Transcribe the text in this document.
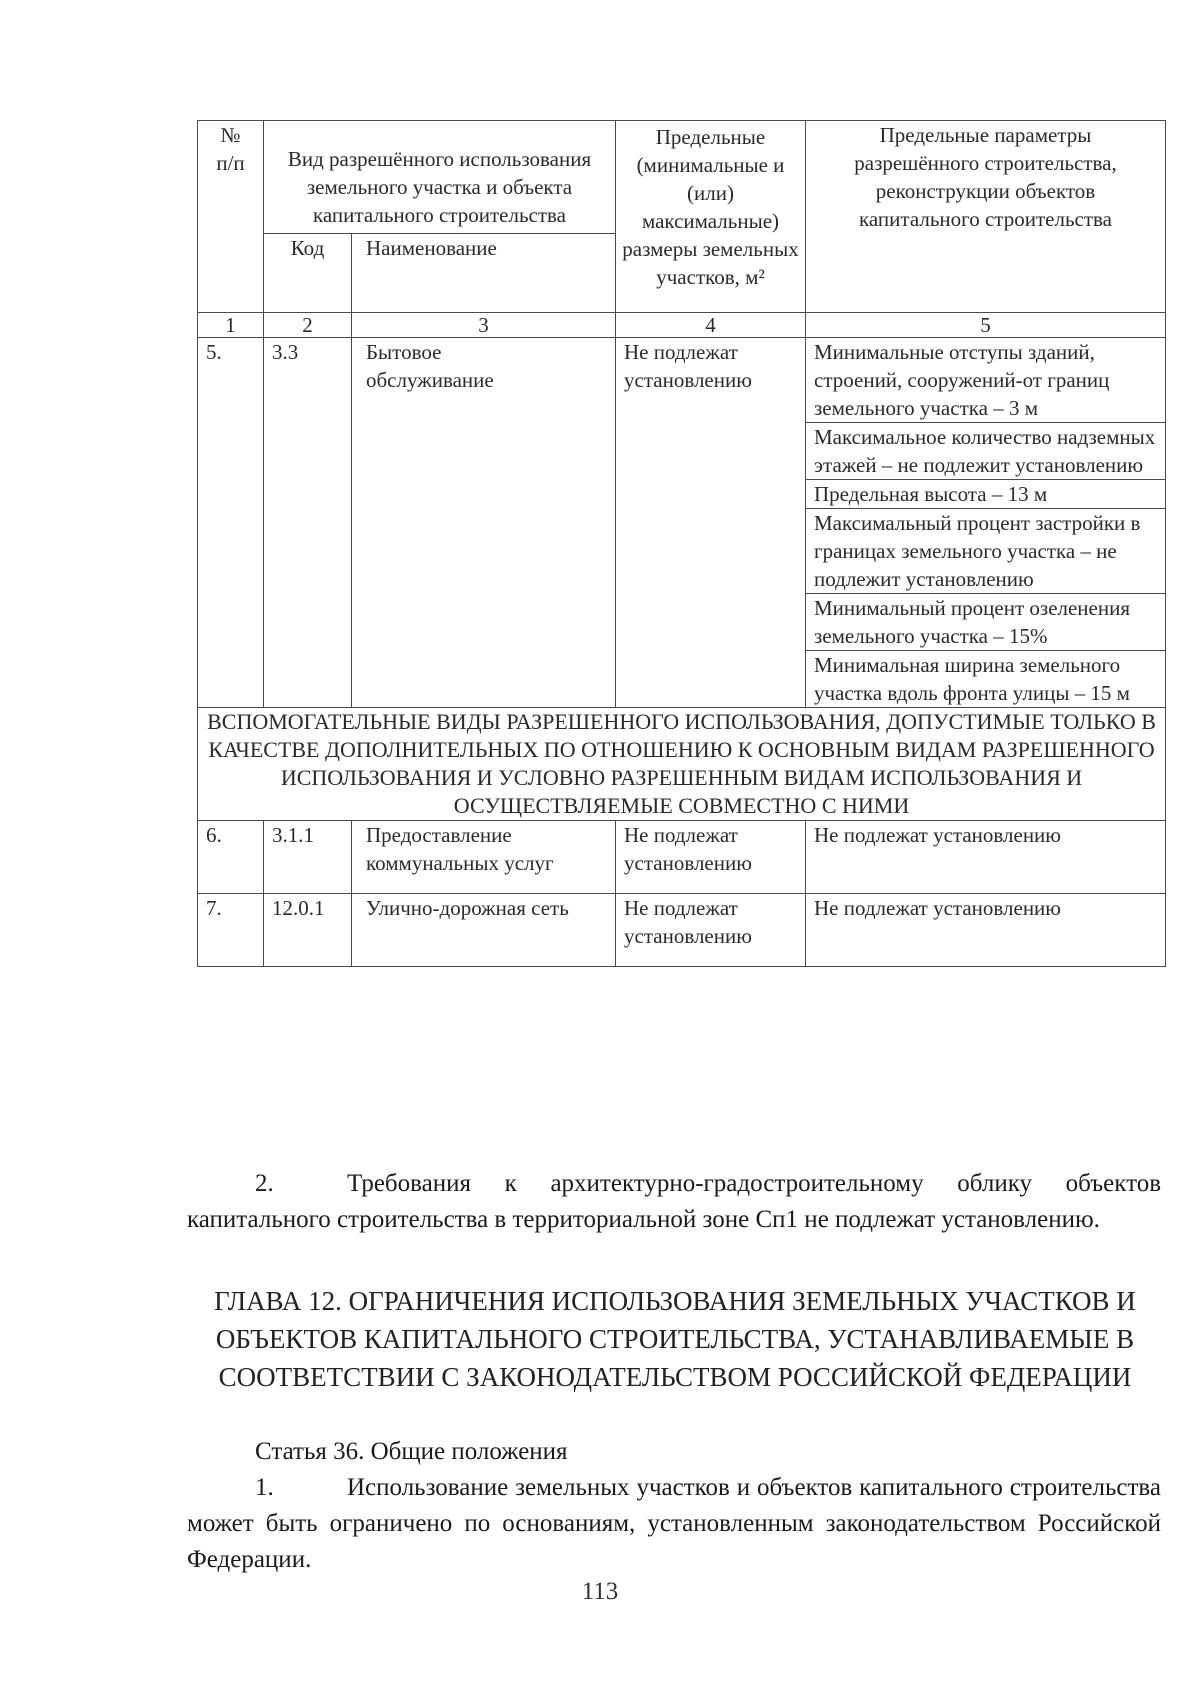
№ п/п	Вид разрешённого использования земельного участка и объекта капитального строительства		Предельные (минимальные и (или) максимальные) размеры земельных участков, м²	Предельные параметры разрешённого строительства, реконструкции объектов капитального строительства
	Код	Наименование		
1	2	3	4	5
5.	3.3	Бытовое обслуживание	Не подлежат установлению	Минимальные отступы зданий, строений, сооружений-от границ земельного участка – 3 м
				Максимальное количество надземных этажей – не подлежит установлению
				Предельная высота – 13 м
				Максимальный процент застройки в границах земельного участка – не подлежит установлению
				Минимальный процент озеленения земельного участка – 15%
				Минимальная ширина земельного участка вдоль фронта улицы – 15 м
ВСПОМОГАТЕЛЬНЫЕ ВИДЫ РАЗРЕШЕННОГО ИСПОЛЬЗОВАНИЯ, ДОПУСТИМЫЕ ТОЛЬКО В КАЧЕСТВЕ ДОПОЛНИТЕЛЬНЫХ ПО ОТНОШЕНИЮ К ОСНОВНЫМ ВИДАМ РАЗРЕШЕННОГО ИСПОЛЬЗОВАНИЯ И УСЛОВНО РАЗРЕШЕННЫМ ВИДАМ ИСПОЛЬЗОВАНИЯ И ОСУЩЕСТВЛЯЕМЫЕ СОВМЕСТНО С НИМИ				
6.	3.1.1	Предоставление коммунальных услуг	Не подлежат установлению	Не подлежат установлению
7.	12.0.1	Улично-дорожная сеть	Не подлежат установлению	Не подлежат установлению
2.	Требования к архитектурно-градостроительному облику объектов капитального строительства в территориальной зоне Сп1 не подлежат установлению.
ГЛАВА 12. ОГРАНИЧЕНИЯ ИСПОЛЬЗОВАНИЯ ЗЕМЕЛЬНЫХ УЧАСТКОВ И ОБЪЕКТОВ КАПИТАЛЬНОГО СТРОИТЕЛЬСТВА, УСТАНАВЛИВАЕМЫЕ В СООТВЕТСТВИИ С ЗАКОНОДАТЕЛЬСТВОМ РОССИЙСКОЙ ФЕДЕРАЦИИ
Статья 36. Общие положения
1.	Использование земельных участков и объектов капитального строительства может быть ограничено по основаниям, установленным законодательством Российской Федерации.
113
